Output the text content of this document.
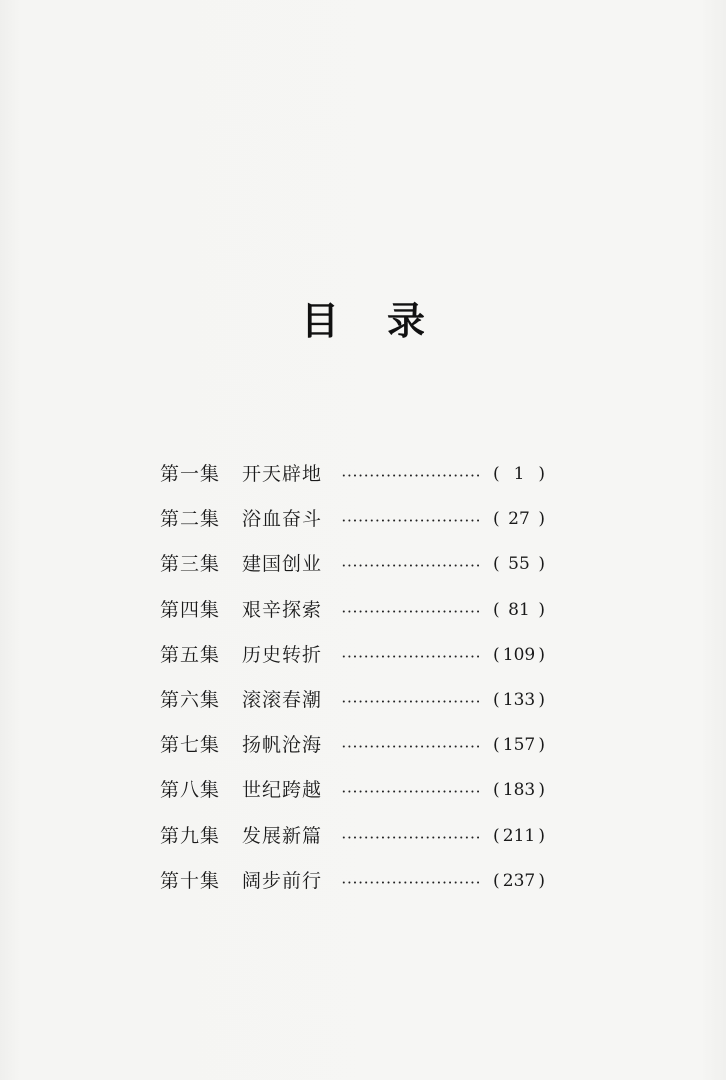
目录
第一集 开天辟地	( 1 )
第二集 浴血奋斗	( 27 )
第三集 建国创业	( 55 )
第四集 艰辛探索	( 81 )
第五集 历史转折	( 109 )
第六集 滚滚春潮	( 133 )
第七集 扬帆沧海	( 157 )
第八集 世纪跨越	( 183 )
第九集 发展新篇	( 211 )
第十集 阔步前行	( 237 )
